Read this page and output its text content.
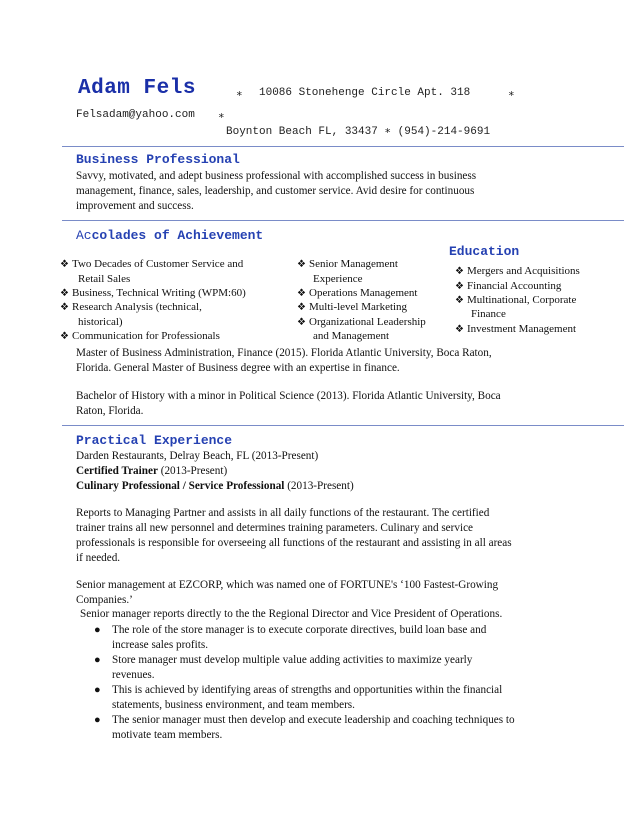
Adam Fels	∗ 10086 Stonehenge Circle Apt. 318	∗
Felsadam@yahoo.com ∗
Boynton Beach FL, 33437 ∗ (954)-214-9691
Business Professional
Savvy, motivated, and adept business professional with accomplished success in business
management, finance, sales, leadership, and customer service. Avid desire for continuous
improvement and success.
Accolades of Achievement
Education
❖ Two Decades of Customer Service and
Retail Sales
❖ Business, Technical Writing (WPM:60)
❖ Research Analysis (technical,
historical)
❖ Communication for Professionals
❖ Senior Management
Experience
❖ Operations Management
❖ Multi-level Marketing
❖ Organizational Leadership
and Management
❖ Mergers and Acquisitions
❖ Financial Accounting
❖ Multinational, Corporate
Finance
❖ Investment Management
Master of Business Administration, Finance (2015). Florida Atlantic University, Boca Raton,
Florida. General Master of Business degree with an expertise in finance.
Bachelor of History with a minor in Political Science (2013). Florida Atlantic University, Boca
Raton, Florida.
Practical Experience
Darden Restaurants, Delray Beach, FL (2013-Present)
Certified Trainer (2013-Present)
Culinary Professional / Service Professional (2013-Present)
Reports to Managing Partner and assists in all daily functions of the restaurant. The certified
trainer trains all new personnel and determines training parameters. Culinary and service
professionals is responsible for overseeing all functions of the restaurant and assisting in all areas
if needed.
Senior management at EZCORP, which was named one of FORTUNE's ‘100 Fastest-Growing
Companies.’
Senior manager reports directly to the the Regional Director and Vice President of Operations.
● The role of the store manager is to execute corporate directives, build loan base and
increase sales profits.
● Store manager must develop multiple value adding activities to maximize yearly
revenues.
● This is achieved by identifying areas of strengths and opportunities within the financial
statements, business environment, and team members.
● The senior manager must then develop and execute leadership and coaching techniques to
motivate team members.
